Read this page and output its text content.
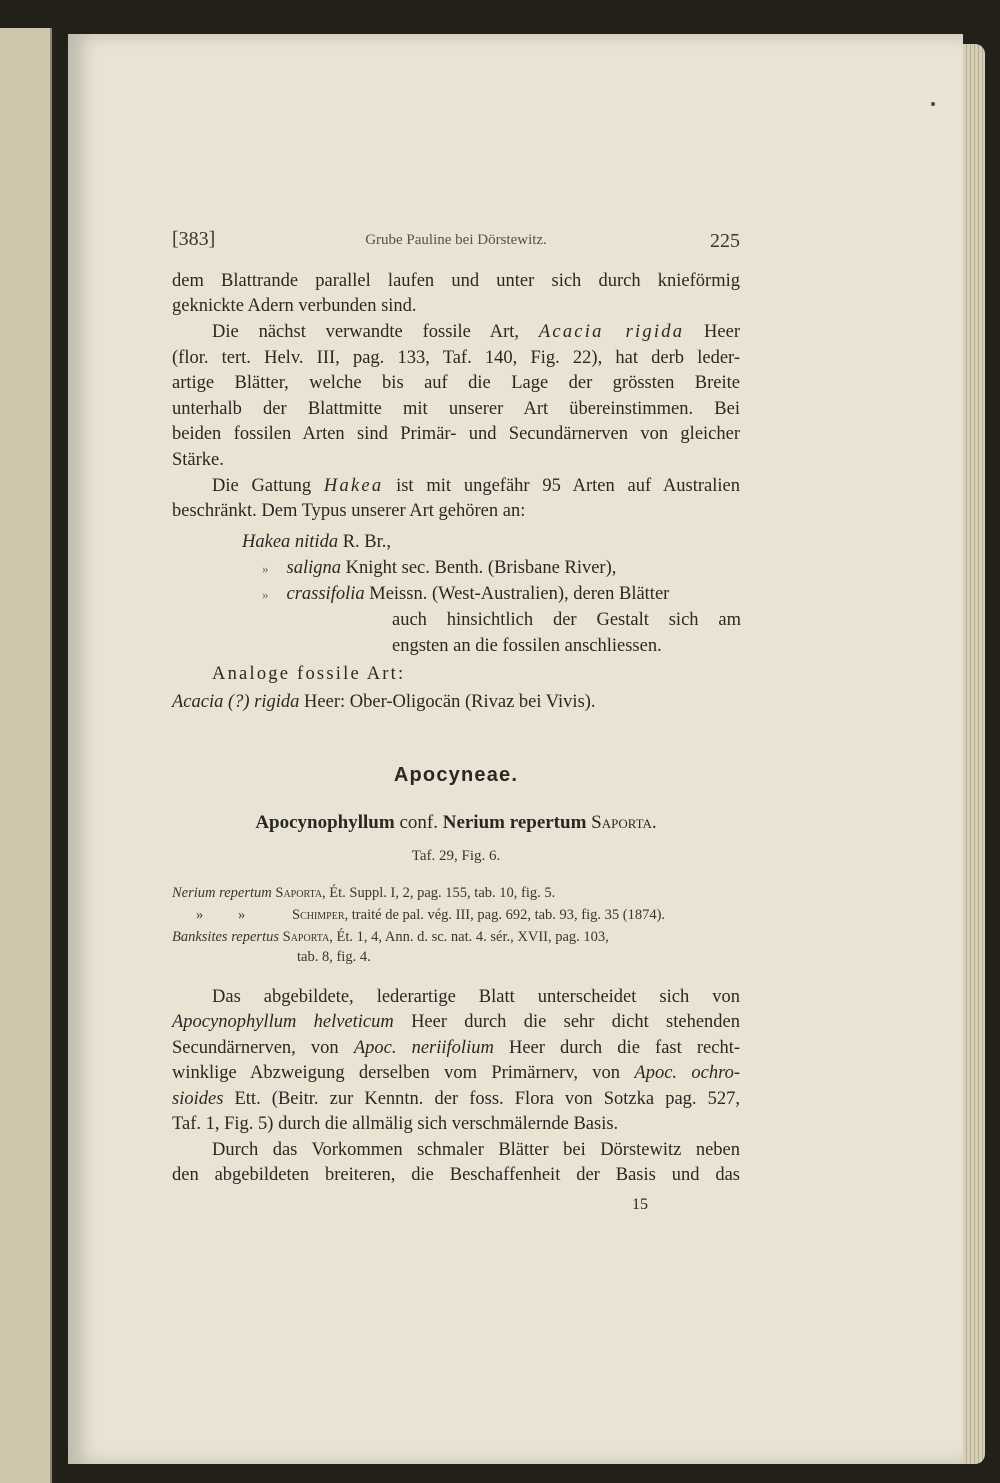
[383]	Grube Pauline bei Dörstewitz.	225
dem Blattrande parallel laufen und unter sich durch knieförmig
geknickte Adern verbunden sind.
Die nächst verwandte fossile Art, Acacia rigida Heer
(flor. tert. Helv. III, pag. 133, Taf. 140, Fig. 22), hat derb leder-
artige Blätter, welche bis auf die Lage der grössten Breite
unterhalb der Blattmitte mit unserer Art übereinstimmen. Bei
beiden fossilen Arten sind Primär- und Secundärnerven von gleicher
Stärke.
Die Gattung Hakea ist mit ungefähr 95 Arten auf Australien
beschränkt. Dem Typus unserer Art gehören an:
Hakea nitida R. Br.,
» saligna Knight sec. Benth. (Brisbane River),
» crassifolia Meissn. (West-Australien), deren Blätter
auch hinsichtlich der Gestalt sich am
engsten an die fossilen anschliessen.
Analoge fossile Art:
Acacia (?) rigida Heer: Ober-Oligocän (Rivaz bei Vivis).
Apocyneae.
Apocynophyllum conf. Nerium repertum Saporta.
Taf. 29, Fig. 6.
Nerium repertum Saporta, Ét. Suppl. I, 2, pag. 155, tab. 10, fig. 5.
» »	Schimper, traité de pal. vég. III, pag. 692, tab. 93, fig. 35 (1874).
Banksites repertus Saporta, Ét. 1, 4, Ann. d. sc. nat. 4. sér., XVII, pag. 103,
tab. 8, fig. 4.
Das abgebildete, lederartige Blatt unterscheidet sich von
Apocynophyllum helveticum Heer durch die sehr dicht stehenden
Secundärnerven, von Apoc. neriifolium Heer durch die fast recht-
winklige Abzweigung derselben vom Primärnerv, von Apoc. ochro-
sioides Ett. (Beitr. zur Kenntn. der foss. Flora von Sotzka pag. 527,
Taf. 1, Fig. 5) durch die allmälig sich verschmälernde Basis.
Durch das Vorkommen schmaler Blätter bei Dörstewitz neben
den abgebildeten breiteren, die Beschaffenheit der Basis und das
15
